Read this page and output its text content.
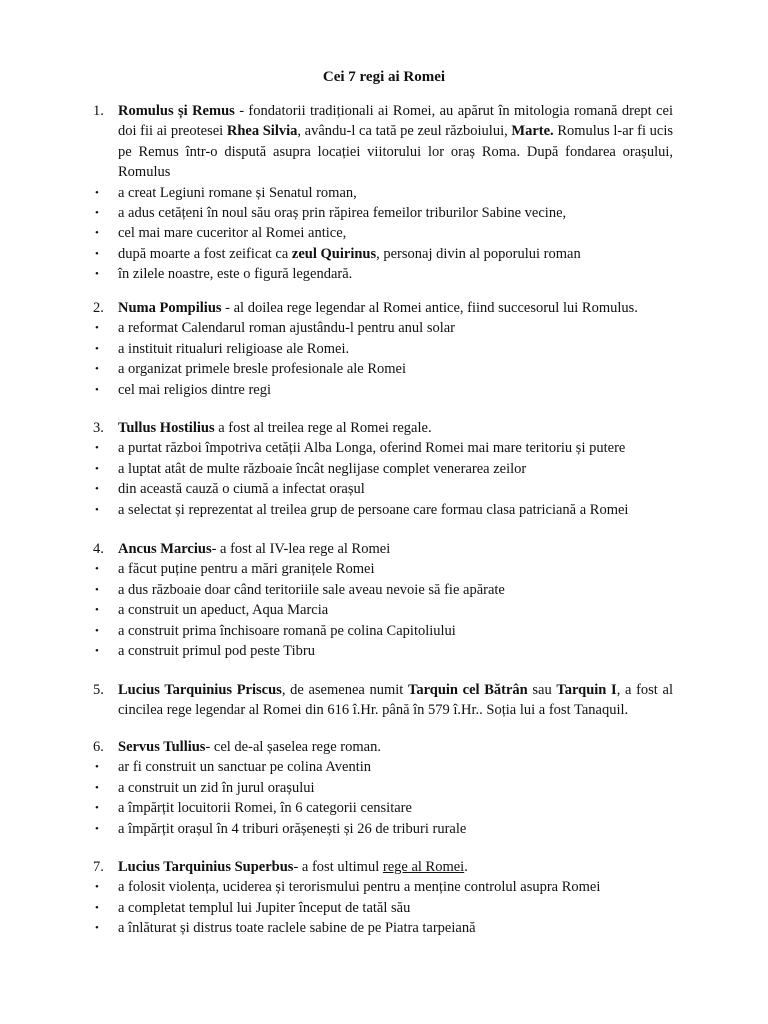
Cei 7 regi ai Romei
1. Romulus și Remus - fondatorii tradiționali ai Romei, au apărut în mitologia romană drept cei doi fii ai preotesei Rhea Silvia, avându-l ca tată pe zeul războiului, Marte. Romulus l-ar fi ucis pe Remus într-o dispută asupra locației viitorului lor oraș Roma. După fondarea orașului, Romulus
• a creat Legiuni romane și Senatul roman,
• a adus cetățeni în noul său oraș prin răpirea femeilor triburilor Sabine vecine,
• cel mai mare cuceritor al Romei antice,
• după moarte a fost zeificat ca zeul Quirinus, personaj divin al poporului roman
• în zilele noastre, este o figură legendară.
2. Numa Pompilius - al doilea rege legendar al Romei antice, fiind succesorul lui Romulus.
• a reformat Calendarul roman ajustându-l pentru anul solar
• a instituit ritualuri religioase ale Romei.
• a organizat primele bresle profesionale ale Romei
• cel mai religios dintre regi
3. Tullus Hostilius a fost al treilea rege al Romei regale.
• a purtat război împotriva cetății Alba Longa, oferind Romei mai mare teritoriu și putere
• a luptat atât de multe războaie încât neglijase complet venerarea zeilor
• din această cauză o ciumă a infectat orașul
• a selectat și reprezentat al treilea grup de persoane care formau clasa patriciană a Romei
4. Ancus Marcius- a fost al IV-lea rege al Romei
• a făcut puține pentru a mări granițele Romei
• a dus războaie doar când teritoriile sale aveau nevoie să fie apărate
• a construit un apeduct, Aqua Marcia
• a construit prima închisoare romană pe colina Capitoliului
• a construit primul pod peste Tibru
5. Lucius Tarquinius Priscus, de asemenea numit Tarquin cel Bătrân sau Tarquin I, a fost al cincilea rege legendar al Romei din 616 î.Hr. până în 579 î.Hr.. Soția lui a fost Tanaquil.
6. Servus Tullius- cel de-al șaselea rege roman.
• ar fi construit un sanctuar pe colina Aventin
• a construit un zid în jurul orașului
• a împărțit locuitorii Romei, în 6 categorii censitare
• a împărțit orașul în 4 triburi orășenești și 26 de triburi rurale
7. Lucius Tarquinius Superbus- a fost ultimul rege al Romei.
• a folosit violența, uciderea și terorismului pentru a menține controlul asupra Romei
• a completat templul lui Jupiter început de tatăl său
• a înlăturat și distrus toate raclele sabine de pe Piatra tarpeiană
